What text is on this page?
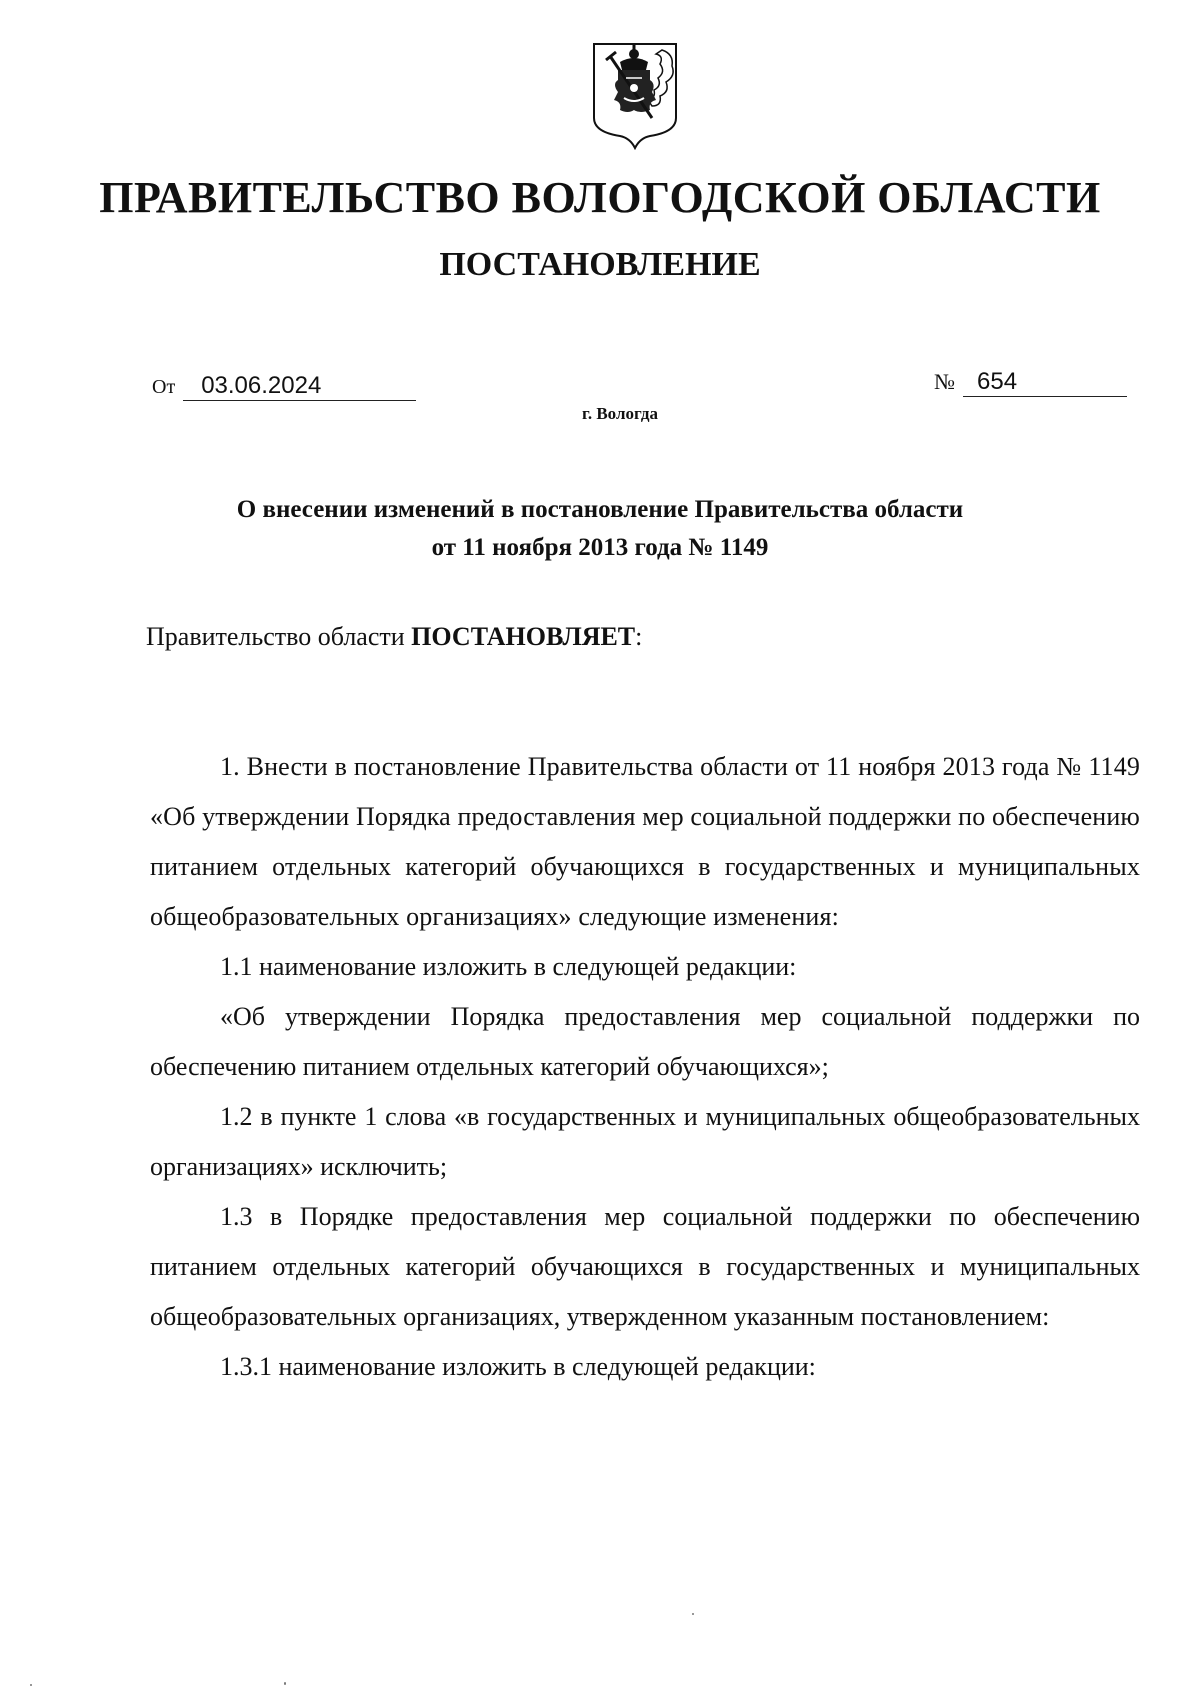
ПРАВИТЕЛЬСТВО ВОЛОГОДСКОЙ ОБЛАСТИ
ПОСТАНОВЛЕНИЕ
От 03.06.2024	№ 654
г. Вологда
О внесении изменений в постановление Правительства области
от 11 ноября 2013 года № 1149
Правительство области ПОСТАНОВЛЯЕТ:

1. Внести в постановление Правительства области от 11 ноября 2013 года № 1149 «Об утверждении Порядка предоставления мер социальной поддержки по обеспечению питанием отдельных категорий обучающихся в государственных и муниципальных общеобразовательных организациях» следующие изменения:

1.1 наименование изложить в следующей редакции:

«Об утверждении Порядка предоставления мер социальной поддержки по обеспечению питанием отдельных категорий обучающихся»;

1.2 в пункте 1 слова «в государственных и муниципальных общеобразовательных организациях» исключить;

1.3 в Порядке предоставления мер социальной поддержки по обеспечению питанием отдельных категорий обучающихся в государственных и муниципальных общеобразовательных организациях, утвержденном указанным постановлением:

1.3.1 наименование изложить в следующей редакции:
